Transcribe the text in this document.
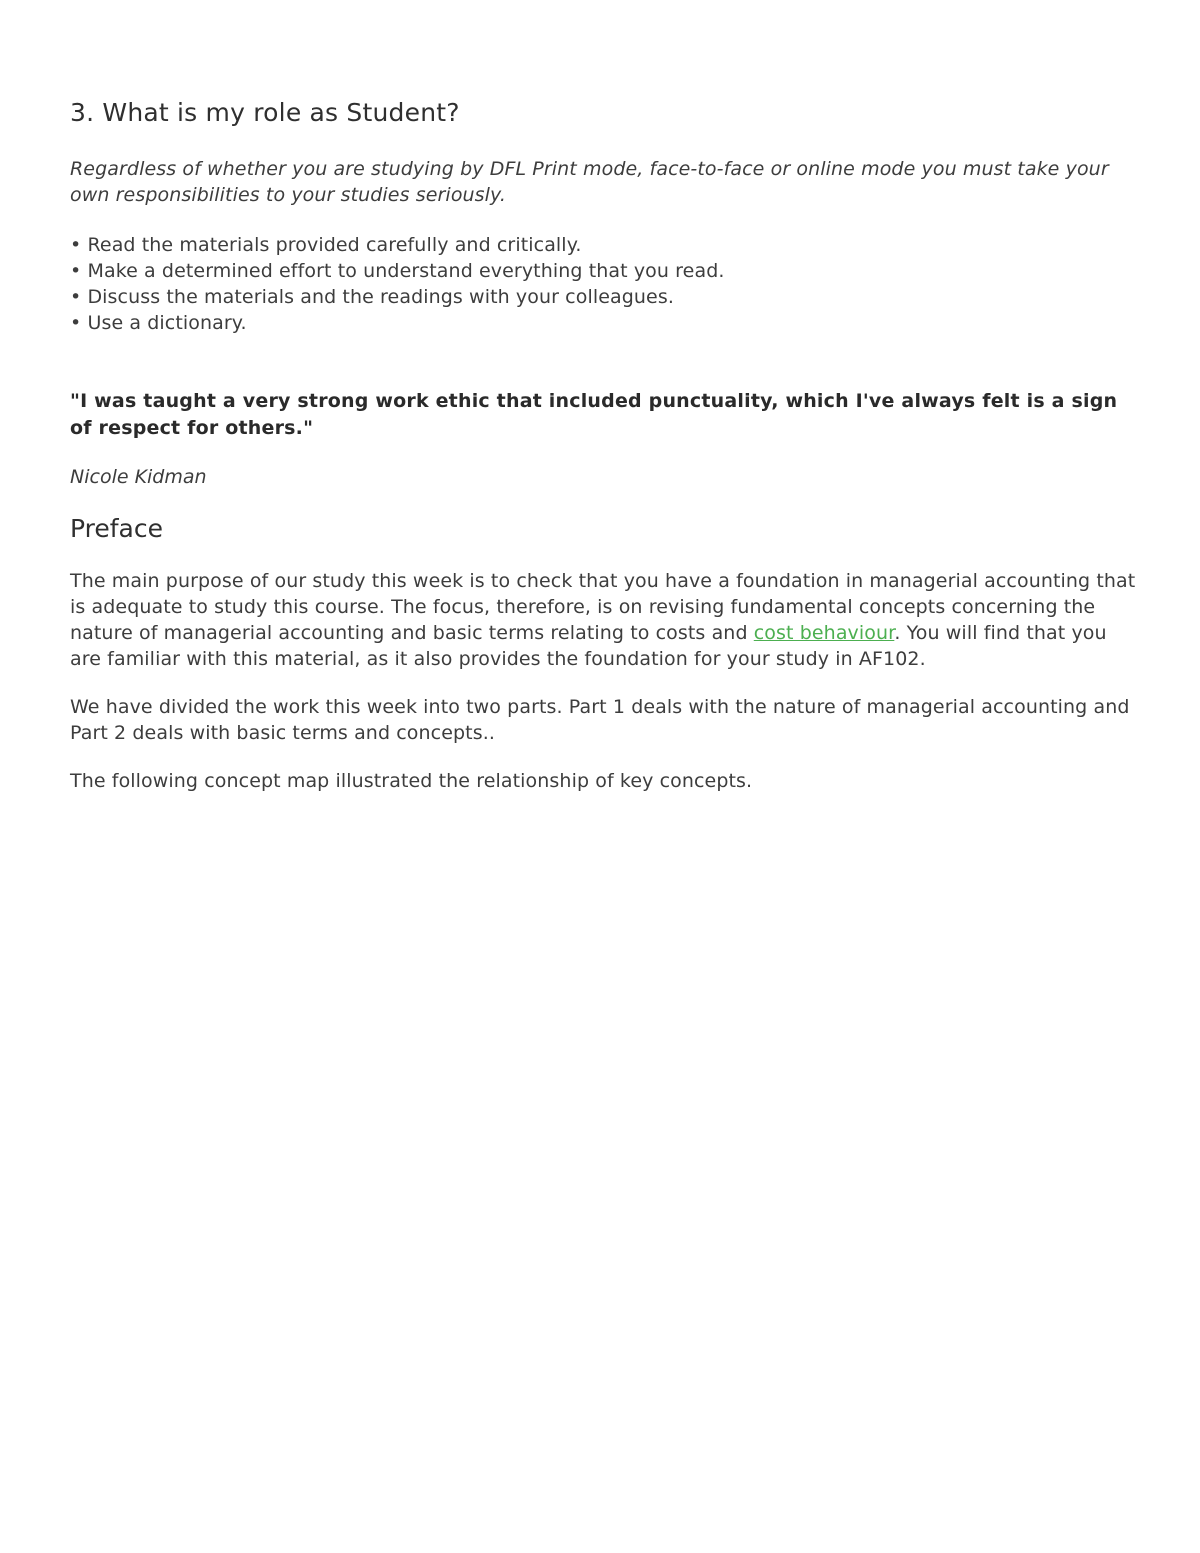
3. What is my role as Student?

Regardless of whether you are studying by DFL Print mode, face-to-face or online mode you must take your own responsibilities to your studies seriously.

• Read the materials provided carefully and critically.
• Make a determined effort to understand everything that you read.
• Discuss the materials and the readings with your colleagues.
• Use a dictionary.

"I was taught a very strong work ethic that included punctuality, which I've always felt is a sign of respect for others."

Nicole Kidman

Preface

The main purpose of our study this week is to check that you have a foundation in managerial accounting that is adequate to study this course. The focus, therefore, is on revising fundamental concepts concerning the nature of managerial accounting and basic terms relating to costs and cost behaviour. You will find that you are familiar with this material, as it also provides the foundation for your study in AF102.

We have divided the work this week into two parts. Part 1 deals with the nature of managerial accounting and Part 2 deals with basic terms and concepts..

The following concept map illustrated the relationship of key concepts.
